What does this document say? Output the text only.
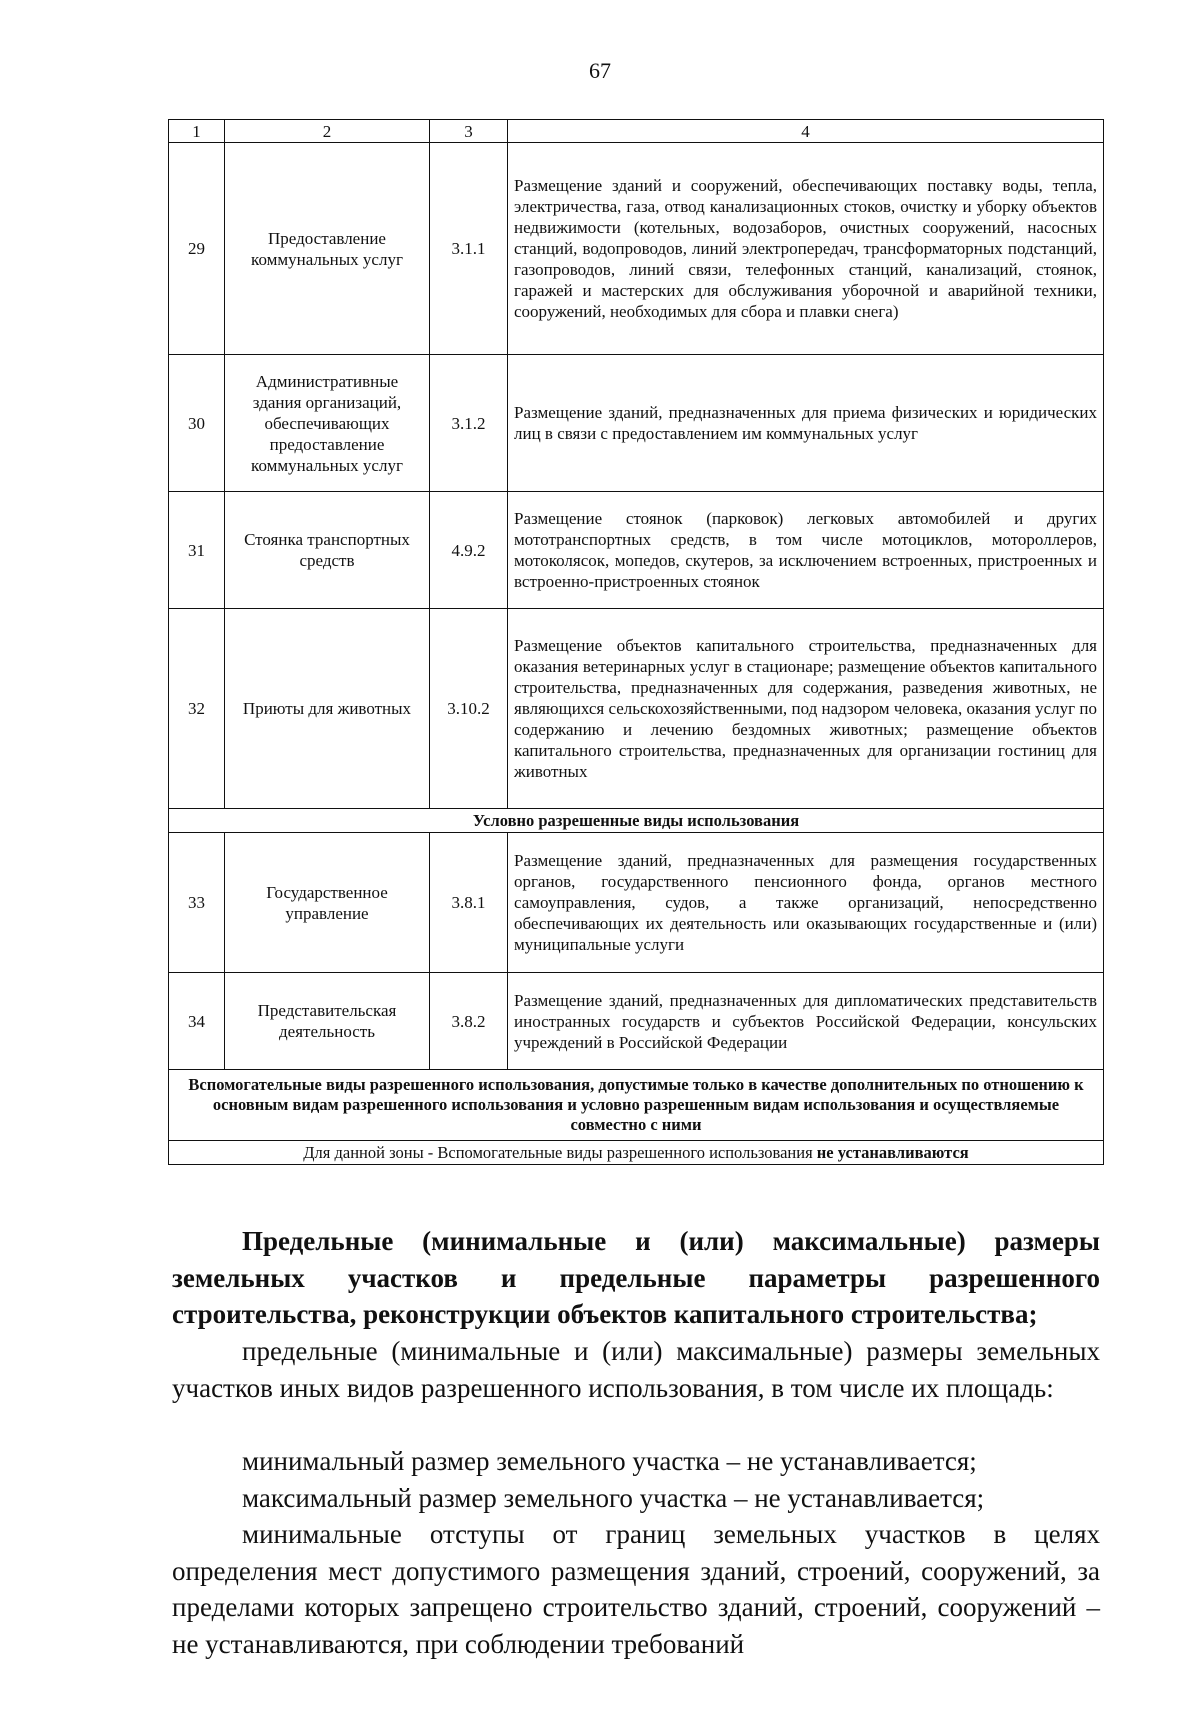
67
1	2	3	4
29	Предоставление коммунальных услуг	3.1.1	Размещение зданий и сооружений, обеспечивающих поставку воды, тепла, электричества, газа, отвод канализационных стоков, очистку и уборку объектов недвижимости (котельных, водозаборов, очистных сооружений, насосных станций, водопроводов, линий электропередач, трансформаторных подстанций, газопроводов, линий связи, телефонных станций, канализаций, стоянок, гаражей и мастерских для обслуживания уборочной и аварийной техники, сооружений, необходимых для сбора и плавки снега)
30	Административные здания организаций, обеспечивающих предоставление коммунальных услуг	3.1.2	Размещение зданий, предназначенных для приема физических и юридических лиц в связи с предоставлением им коммунальных услуг
31	Стоянка транспортных средств	4.9.2	Размещение стоянок (парковок) легковых автомобилей и других мототранспортных средств, в том числе мотоциклов, мотороллеров, мотоколясок, мопедов, скутеров, за исключением встроенных, пристроенных и встроенно-пристроенных стоянок
32	Приюты для животных	3.10.2	Размещение объектов капитального строительства, предназначенных для оказания ветеринарных услуг в стационаре; размещение объектов капитального строительства, предназначенных для содержания, разведения животных, не являющихся сельскохозяйственными, под надзором человека, оказания услуг по содержанию и лечению бездомных животных; размещение объектов капитального строительства, предназначенных для организации гостиниц для животных
Условно разрешенные виды использования			
33	Государственное управление	3.8.1	Размещение зданий, предназначенных для размещения государственных органов, государственного пенсионного фонда, органов местного самоуправления, судов, а также организаций, непосредственно обеспечивающих их деятельность или оказывающих государственные и (или) муниципальные услуги
34	Представительская деятельность	3.8.2	Размещение зданий, предназначенных для дипломатических представительств иностранных государств и субъектов Российской Федерации, консульских учреждений в Российской Федерации
Вспомогательные виды разрешенного использования, допустимые только в качестве дополнительных по отношению к основным видам разрешенного использования и условно разрешенным видам использования и осуществляемые совместно с ними			
Для данной зоны - Вспомогательные виды разрешенного использования не устанавливаются			
Предельные (минимальные и (или) максимальные) размеры земельных участков и предельные параметры разрешенного строительства, реконструкции объектов капитального строительства;
предельные (минимальные и (или) максимальные) размеры земельных участков иных видов разрешенного использования, в том числе их площадь:
минимальный размер земельного участка – не устанавливается;
максимальный размер земельного участка – не устанавливается;
минимальные отступы от границ земельных участков в целях определения мест допустимого размещения зданий, строений, сооружений, за пределами которых запрещено строительство зданий, строений, сооружений – не устанавливаются, при соблюдении требований
